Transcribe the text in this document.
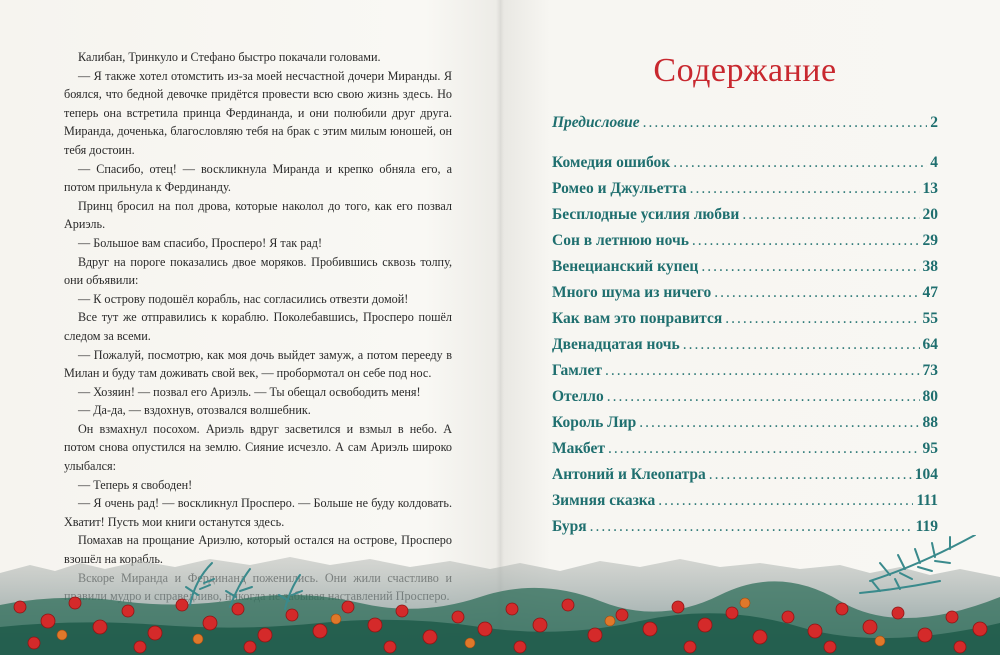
Калибан, Тринкуло и Стефано быстро покачали головами.

— Я также хотел отомстить из-за моей несчастной дочери Миранды. Я боялся, что бедной девочке придётся провести всю свою жизнь здесь. Но теперь она встретила принца Фердинанда, и они полюбили друг друга. Миранда, доченька, благословляю тебя на брак с этим милым юношей, он тебя достоин.

— Спасибо, отец! — воскликнула Миранда и крепко обняла его, а потом прильнула к Фердинанду.

Принц бросил на пол дрова, которые наколол до того, как его позвал Ариэль.

— Большое вам спасибо, Просперо! Я так рад!

Вдруг на пороге показались двое моряков. Пробившись сквозь толпу, они объявили:

— К острову подошёл корабль, нас согласились отвезти домой!

Все тут же отправились к кораблю. Поколебавшись, Просперо пошёл следом за всеми.

— Пожалуй, посмотрю, как моя дочь выйдет замуж, а потом перееду в Милан и буду там доживать свой век, — пробормотал он себе под нос.

— Хозяин! — позвал его Ариэль. — Ты обещал освободить меня!

— Да-да, — вздохнув, отозвался волшебник.

Он взмахнул посохом. Ариэль вдруг засветился и взмыл в небо. А потом снова опустился на землю. Сияние исчезло. А сам Ариэль широко улыбался:

— Теперь я свободен!

— Я очень рад! — воскликнул Просперо. — Больше не буду колдовать. Хватит! Пусть мои книги останутся здесь.

Помахав на прощание Ариэлю, который остался на острове, Просперо взошёл на корабль.

Содержание
Предисловие .....	2
Комедия ошибок .....	4
Ромео и Джульетта .....	13
Бесплодные усилия любви .....	20
Сон в летнюю ночь .....	29
Венецианский купец .....	38
Много шума из ничего .....	47
Как вам это понравится .....	55
Двенадцатая ночь .....	64
Гамлет .....	73
Отелло .....	80
Король Лир .....	88
Макбет .....	95
Антоний и Клеопатра .....	104
Зимняя сказка .....	111
Буря .....	119
